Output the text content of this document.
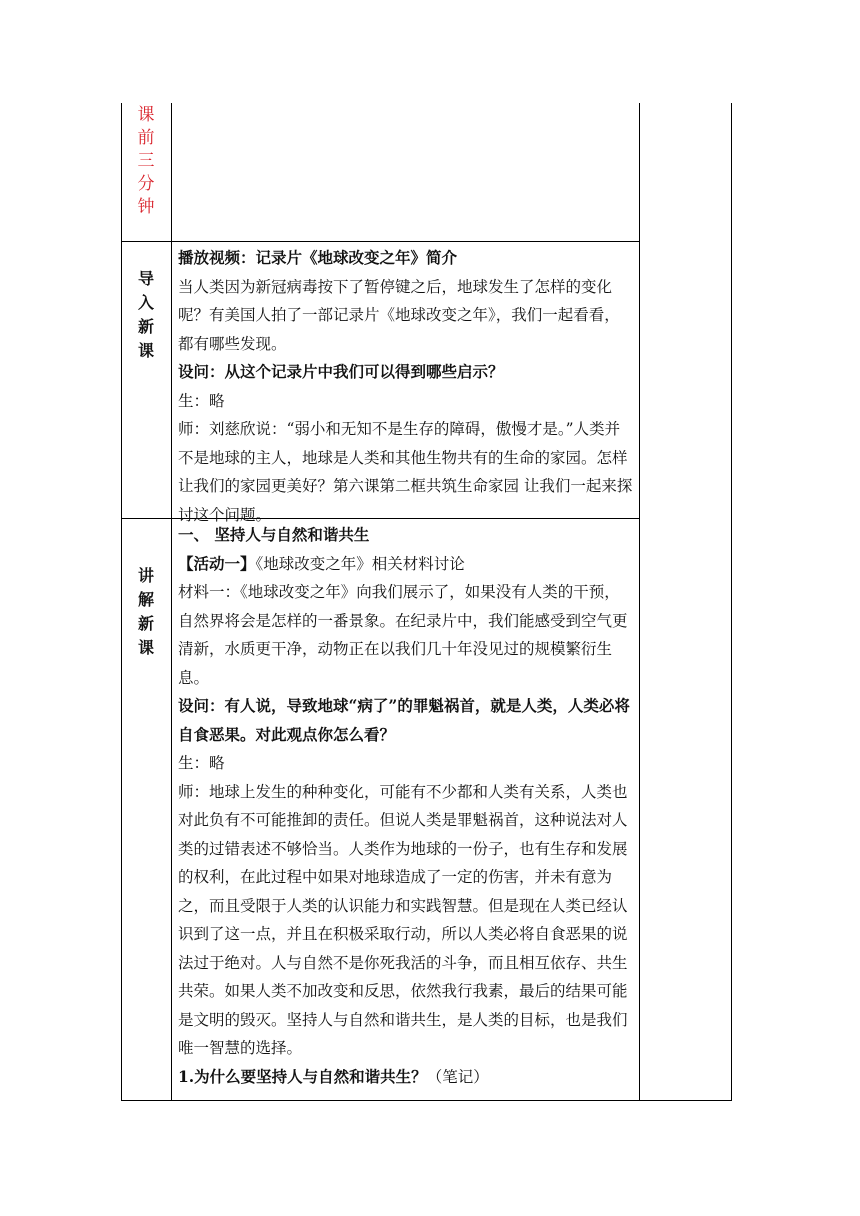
课前三分钟
导入新课
讲解新课

播放视频：记录片《地球改变之年》简介

当人类因为新冠病毒按下了暂停键之后，地球发生了怎样的变化呢？有美国人拍了一部记录片《地球改变之年》，我们一起看看，都有哪些发现。

设问：从这个记录片中我们可以得到哪些启示？

生：略

师：刘慈欣说：“弱小和无知不是生存的障碍，傲慢才是。”人类并不是地球的主人，地球是人类和其他生物共有的生命的家园。怎样让我们的家园更美好？第六课第二框共筑生命家园 让我们一起来探讨这个问题。

一、 坚持人与自然和谐共生

【活动一】《地球改变之年》相关材料讨论

材料一：《地球改变之年》向我们展示了，如果没有人类的干预，自然界将会是怎样的一番景象。在纪录片中，我们能感受到空气更清新，水质更干净，动物正在以我们几十年没见过的规模繁衍生息。

设问：有人说，导致地球“病了”的罪魁祸首，就是人类，人类必将自食恶果。对此观点你怎么看？

生：略

师：地球上发生的种种变化，可能有不少都和人类有关系，人类也对此负有不可能推卸的责任。但说人类是罪魁祸首，这种说法对人类的过错表述不够恰当。人类作为地球的一份子，也有生存和发展的权利，在此过程中如果对地球造成了一定的伤害，并未有意为之，而且受限于人类的认识能力和实践智慧。但是现在人类已经认识到了这一点，并且在积极采取行动，所以人类必将自食恶果的说法过于绝对。人与自然不是你死我活的斗争，而且相互依存、共生共荣。如果人类不加改变和反思，依然我行我素，最后的结果可能是文明的毁灭。坚持人与自然和谐共生，是人类的目标，也是我们唯一智慧的选择。

1.为什么要坚持人与自然和谐共生？（笔记）
